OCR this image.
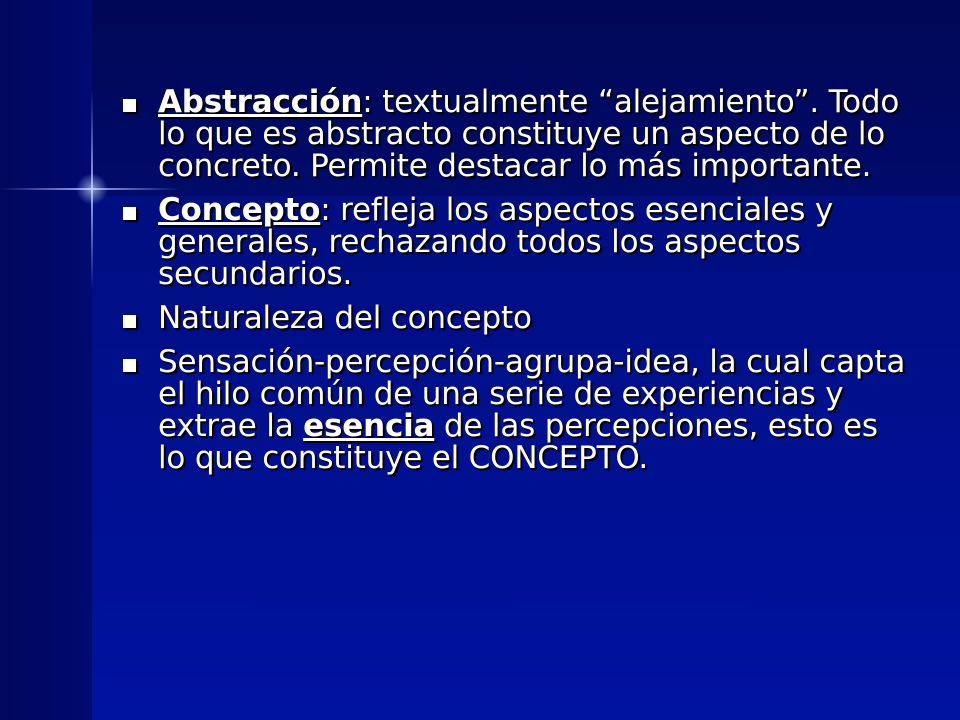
Abstracción: textualmente “alejamiento”. Todo lo que es abstracto constituye un aspecto de lo concreto. Permite destacar lo más importante.
Concepto: refleja los aspectos esenciales y generales, rechazando todos los aspectos secundarios.
Naturaleza del concepto
Sensación-percepción-agrupa-idea, la cual capta el hilo común de una serie de experiencias y extrae la esencia de las percepciones, esto es lo que constituye el CONCEPTO.
